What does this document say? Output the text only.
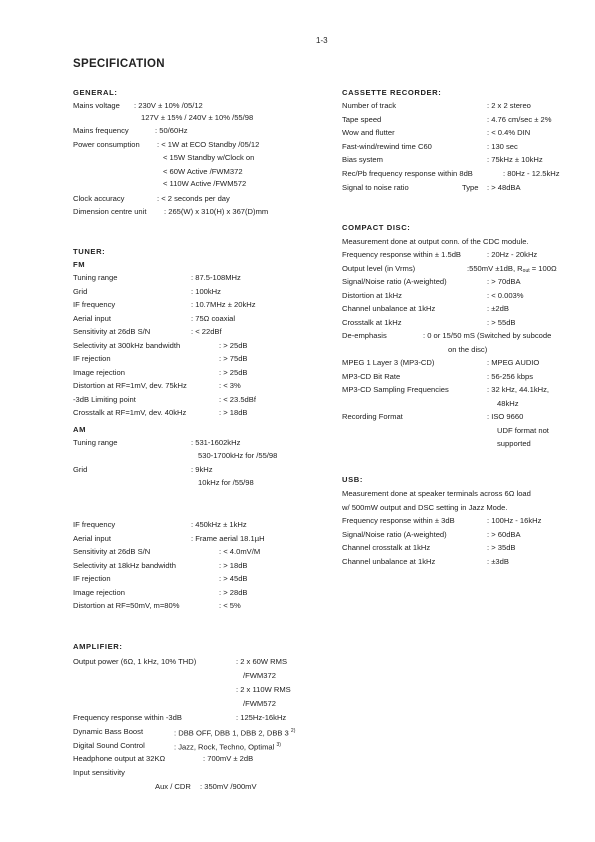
1-3
SPECIFICATION
GENERAL:
Mains voltage : 230V ± 10% /05/12
127V ± 15% / 240V ± 10% /55/98
Mains frequency	: 50/60Hz
Power consumption : < 1W at ECO Standby /05/12
< 15W Standby w/Clock on
< 60W Active /FWM372
< 110W Active /FWM572
Clock accuracy	: < 2 seconds per day
Dimension centre unit : 265(W) x 310(H) x 367(D)mm
TUNER:
FM
Tuning range	: 87.5-108MHz
Grid	: 100kHz
IF frequency	: 10.7MHz ± 20kHz
Aerial input	: 75Ω coaxial
Sensitivity at 26dB S/N	: < 22dBf
Selectivity at 300kHz bandwidth	: > 25dB
IF rejection	: > 75dB
Image rejection	: > 25dB
Distortion at RF=1mV, dev. 75kHz	: < 3%
-3dB Limiting point	: < 23.5dBf
Crosstalk at RF=1mV, dev. 40kHz	: > 18dB
AM
Tuning range	: 531-1602kHz
530-1700kHz for /55/98
Grid	: 9kHz
10kHz for /55/98
IF frequency	: 450kHz ± 1kHz
Aerial input	: Frame aerial 18.1µH
Sensitivity at 26dB S/N	: < 4.0mV/M
Selectivity at 18kHz bandwidth	: > 18dB
IF rejection	: > 45dB
Image rejection	: > 28dB
Distortion at RF=50mV, m=80%	: < 5%
AMPLIFIER:
Output power (6Ω, 1 kHz, 10% THD)	: 2 x 60W RMS
/FWM372
: 2 x 110W RMS
/FWM572
Frequency response within -3dB	: 125Hz-16kHz
Dynamic Bass Boost	: DBB OFF, DBB 1, DBB 2, DBB 3 $^{2)}$
Digital Sound Control	: Jazz, Rock, Techno, Optimal $^{3)}$
Headphone output at 32KΩ	: 700mV ± 2dB
Input sensitivity
Aux / CDR : 350mV /900mV
CASSETTE RECORDER:
Number of track	: 2 x 2 stereo
Tape speed	: 4.76 cm/sec ± 2%
Wow and flutter	: < 0.4% DIN
Fast-wind/rewind time C60	: 130 sec
Bias system	: 75kHz ± 10kHz
Rec/Pb frequency response within 8dB	: 80Hz - 12.5kHz
Signal to noise ratio	Type : > 48dBA
COMPACT DISC:
Measurement done at output conn. of the CDC module.
Frequency response within ± 1.5dB	: 20Hz - 20kHz
Output level (in Vrms)	:550mV ±1dB, $R_{out} = 100\Omega$
Signal/Noise ratio (A-weighted)	: > 70dBA
Distortion at 1kHz	: < 0.003%
Channel unbalance at 1kHz	: ±2dB
Crosstalk at 1kHz	: > 55dB
De-emphasis	: 0 or 15/50 mS (Switched by subcode
on the disc)
MPEG 1 Layer 3 (MP3-CD)	: MPEG AUDIO
MP3-CD Bit Rate	: 56-256 kbps
MP3-CD Sampling Frequencies	: 32 kHz, 44.1kHz,
48kHz
Recording Format	: ISO 9660
UDF format not
supported
USB:
Measurement done at speaker terminals across 6Ω load
w/ 500mW output and DSC setting in Jazz Mode.
Frequency response within ± 3dB	: 100Hz - 16kHz
Signal/Noise ratio (A-weighted)	: > 60dBA
Channel crosstalk at 1kHz	: > 35dB
Channel unbalance at 1kHz	: ±3dB
